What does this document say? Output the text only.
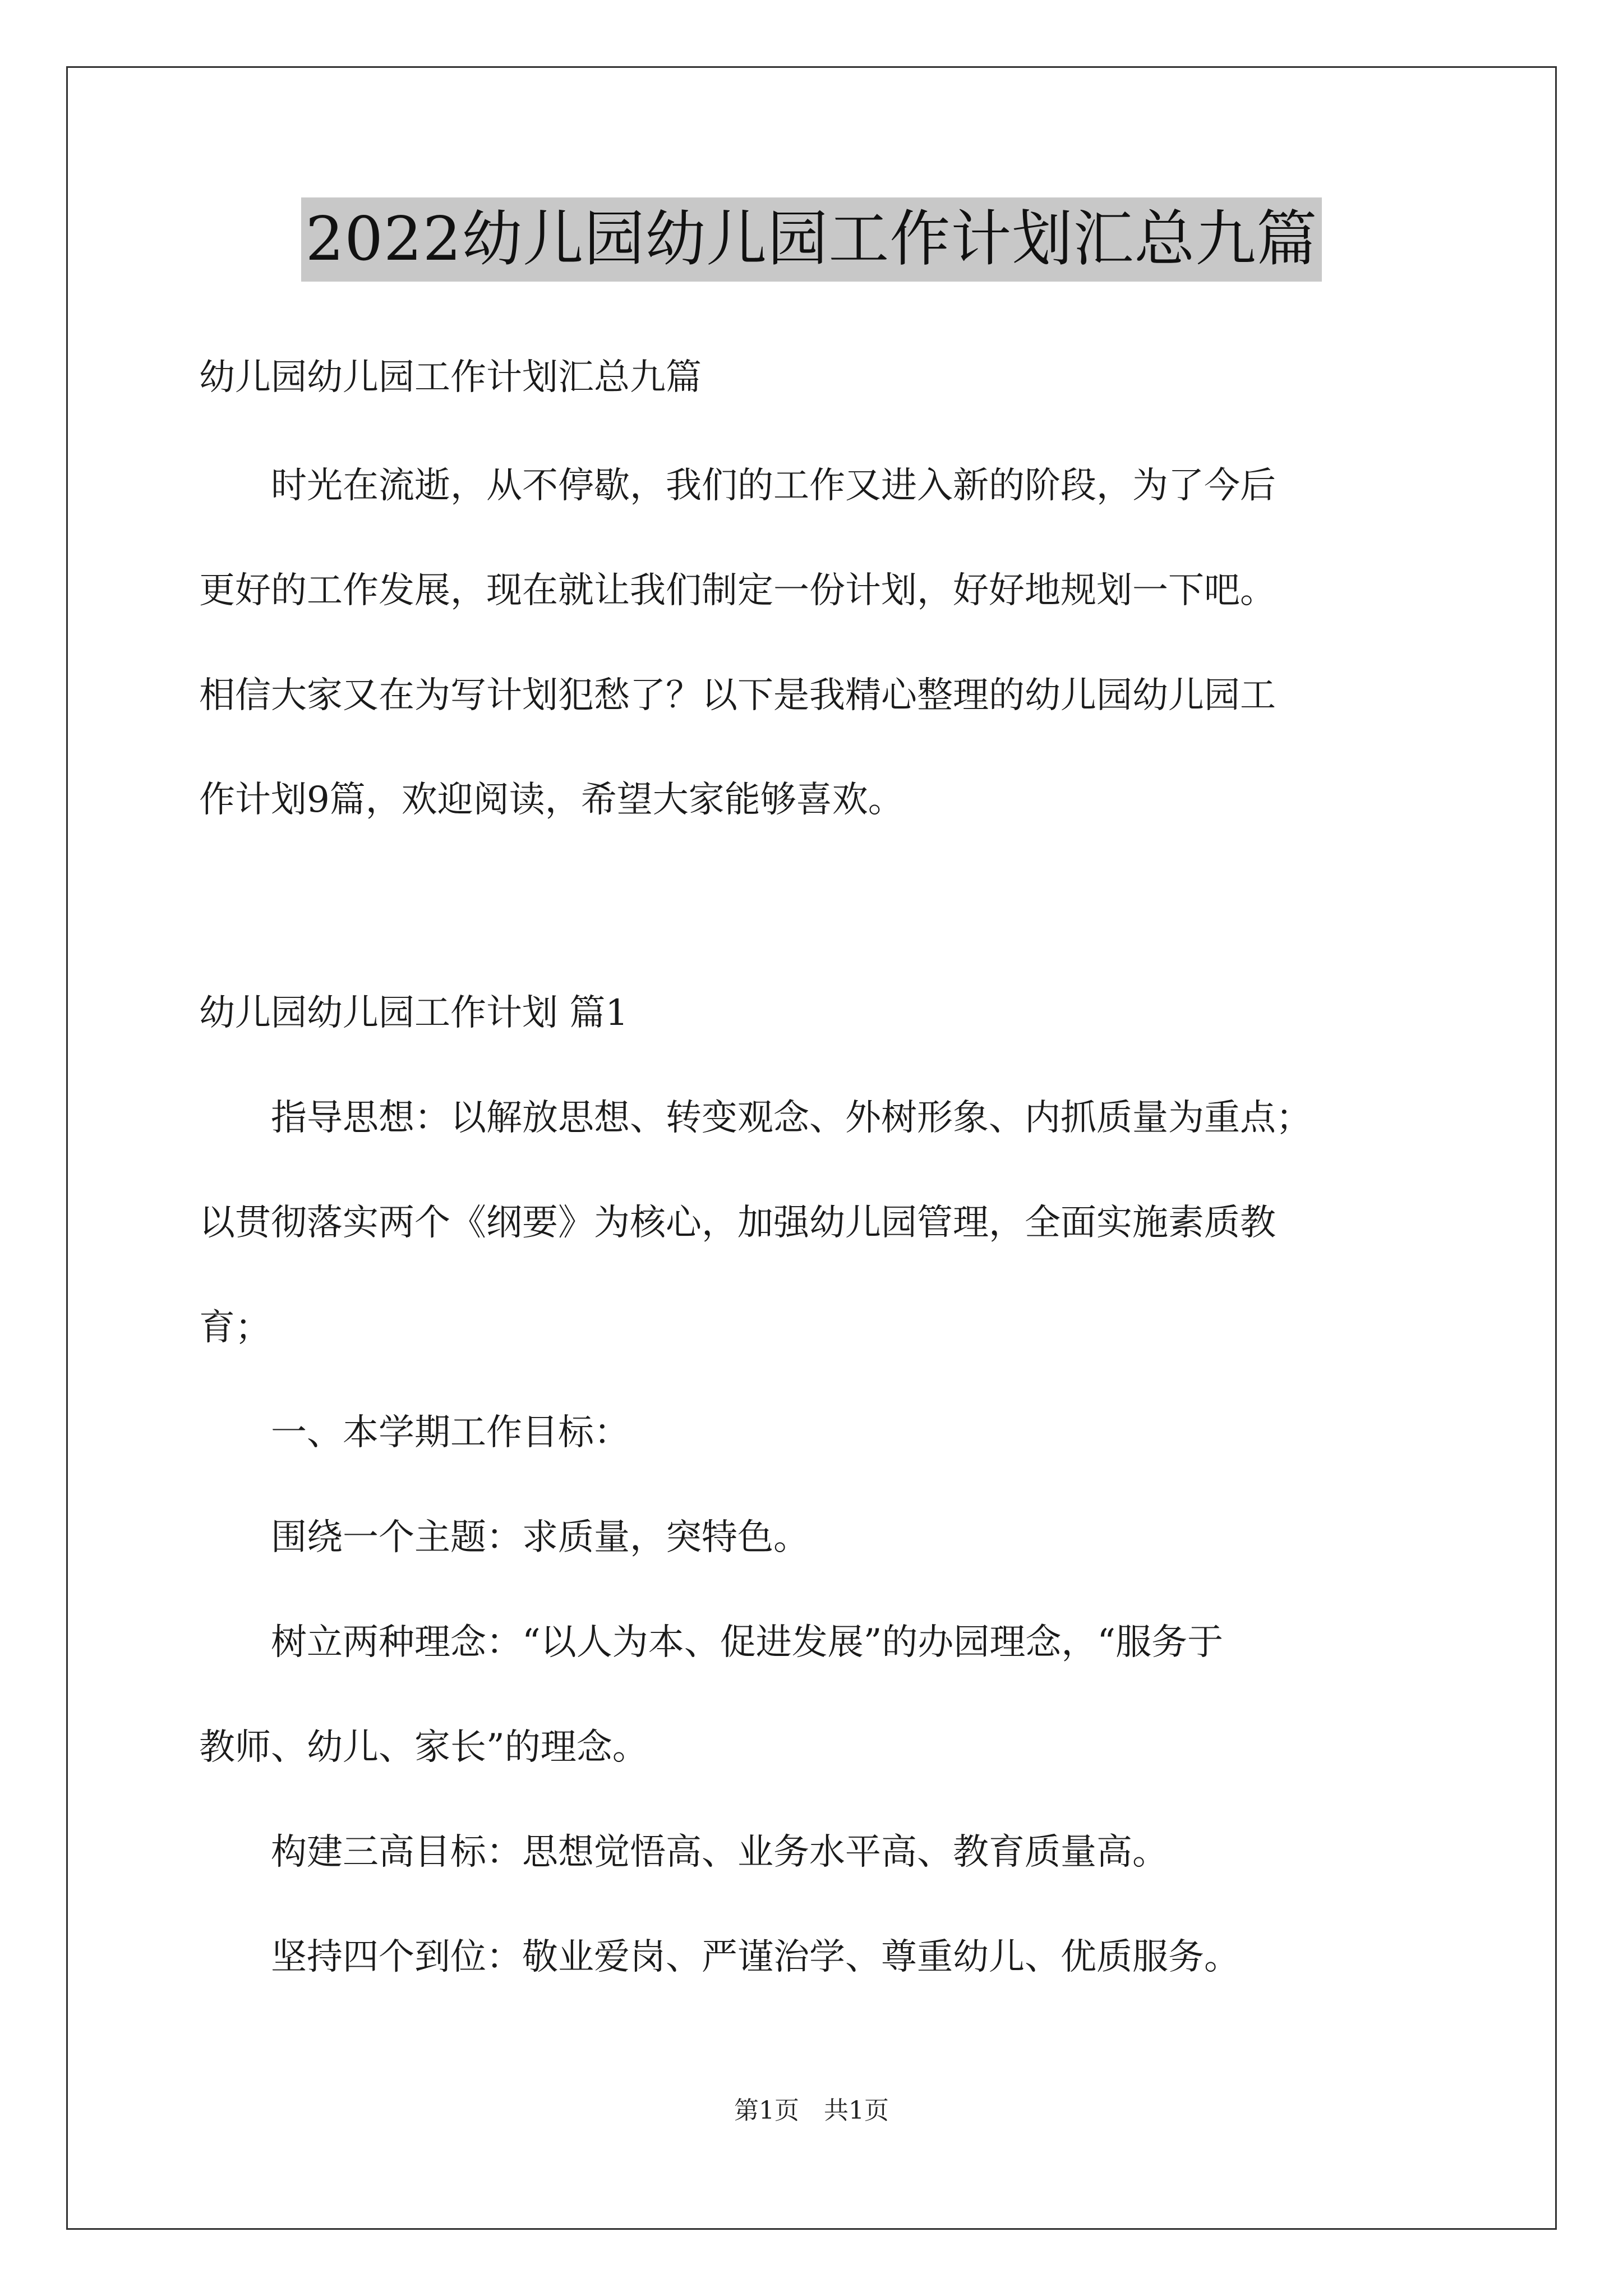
2022幼儿园幼儿园工作计划汇总九篇
幼儿园幼儿园工作计划汇总九篇
　　时光在流逝，从不停歇，我们的工作又进入新的阶段，为了今后
更好的工作发展，现在就让我们制定一份计划，好好地规划一下吧。
相信大家又在为写计划犯愁了？以下是我精心整理的幼儿园幼儿园工
作计划9篇，欢迎阅读，希望大家能够喜欢。
幼儿园幼儿园工作计划 篇1
　　指导思想：以解放思想、转变观念、外树形象、内抓质量为重点；
以贯彻落实两个《纲要》为核心，加强幼儿园管理，全面实施素质教
育；
　　一、本学期工作目标：
　　围绕一个主题：求质量，突特色。
　　树立两种理念：“以人为本、促进发展”的办园理念，“服务于
教师、幼儿、家长”的理念。
　　构建三高目标：思想觉悟高、业务水平高、教育质量高。
　　坚持四个到位：敬业爱岗、严谨治学、尊重幼儿、优质服务。
第1页　共1页
